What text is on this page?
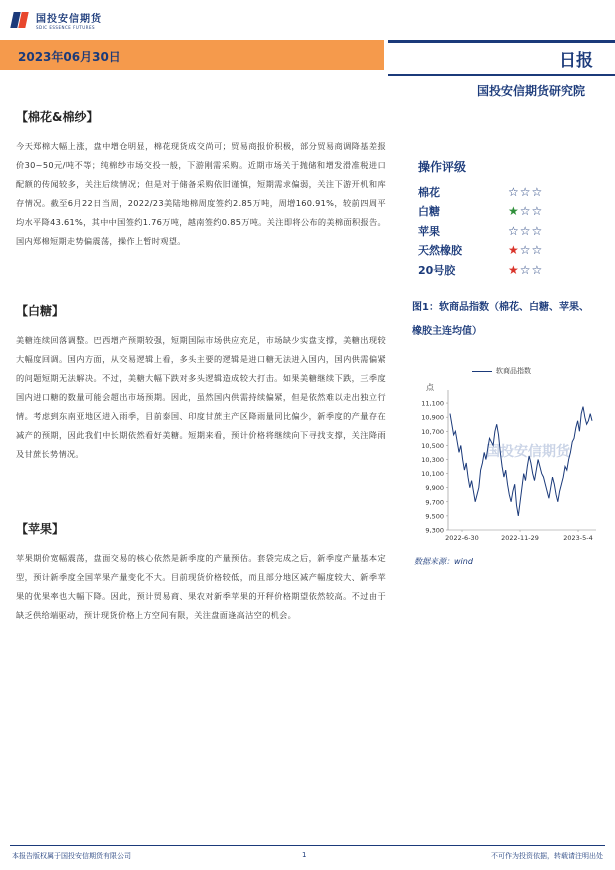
国投安信期货
SDIC ESSENCE FUTURES
2023年06月30日	日报
国投安信期货研究院
【棉花&棉纱】
今天郑棉大幅上涨，盘中增仓明显，棉花现货成交尚可；贸易商报价积极，部分贸易商调降基差报价30~50元/吨不等；纯棉纱市场交投一般，下游刚需采购。近期市场关于抛储和增发滑准税进口配额的传闻较多，关注后续情况；但是对于储备采购依旧谨慎，短期需求偏弱，关注下游开机和库存情况。截至6月22日当周，2022/23美陆地棉周度签约2.85万吨，周增160.91%，较前四周平均水平降43.61%，其中中国签约1.76万吨，越南签约0.85万吨。关注即将公布的美棉面积报告。国内郑棉短期走势偏震荡，操作上暂时观望。
【白糖】
美糖连续回落调整。巴西增产预期较强，短期国际市场供应充足，市场缺少实盘支撑，美糖出现较大幅度回调。国内方面，从交易逻辑上看，多头主要的逻辑是进口糖无法进入国内，国内供需偏紧的问题短期无法解决。不过，美糖大幅下跌对多头逻辑造成较大打击。如果美糖继续下跌，三季度国内进口糖的数量可能会超出市场预期。因此，虽然国内供需持续偏紧，但是依然难以走出独立行情。考虑到东南亚地区进入雨季，目前泰国、印度甘蔗主产区降雨量同比偏少，新季度的产量存在减产的预期，因此我们中长期依然看好美糖。短期来看，预计价格将继续向下寻找支撑，关注降雨及甘蔗长势情况。
【苹果】
苹果期价宽幅震荡，盘面交易的核心依然是新季度的产量预估。套袋完成之后，新季度产量基本定型，预计新季度全国苹果产量变化不大。目前现货价格较低，而且部分地区减产幅度较大、新季苹果的优果率也大幅下降。因此，预计贸易商、果农对新季苹果的开秤价格期望依然较高。不过由于缺乏供给端驱动，预计现货价格上方空间有限，关注盘面逢高沽空的机会。
操作评级
棉花	☆☆☆
白糖	★☆☆
苹果	☆☆☆
天然橡胶	★☆☆
20号胶	★☆☆
图1：软商品指数（棉花、白糖、苹果、橡胶主连均值）
国投安信期货
9,300
9,500
9,700
9,900
10,100
10,300
10,500
10,700
10,900
11,100
2022-6-30	2022-11-29	2023-5-4
点
软商品指数
数据来源：wind
本报告版权属于国投安信期货有限公司	1	不可作为投资依据，转载请注明出处
